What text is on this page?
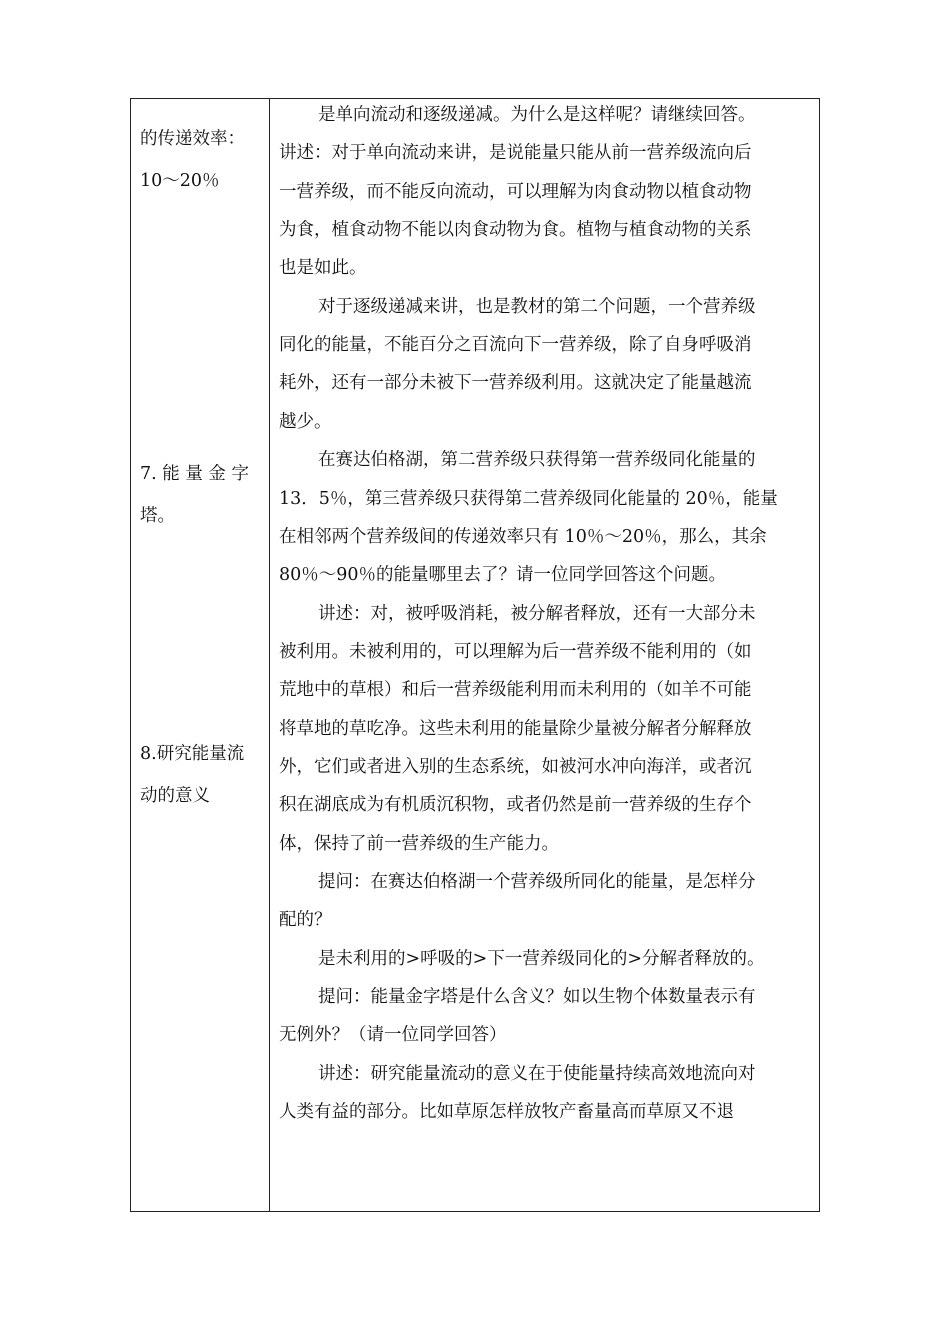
的传递效率：
10～20％
7. 能 量 金 字
塔。
8.研究能量流
动的意义
是单向流动和逐级递减。为什么是这样呢？请继续回答。
讲述：对于单向流动来讲，是说能量只能从前一营养级流向后
一营养级，而不能反向流动，可以理解为肉食动物以植食动物
为食，植食动物不能以肉食动物为食。植物与植食动物的关系
也是如此。
对于逐级递减来讲，也是教材的第二个问题，一个营养级
同化的能量，不能百分之百流向下一营养级，除了自身呼吸消
耗外，还有一部分未被下一营养级利用。这就决定了能量越流
越少。
在赛达伯格湖，第二营养级只获得第一营养级同化能量的
13．5％，第三营养级只获得第二营养级同化能量的 20％，能量
在相邻两个营养级间的传递效率只有 10％～20％，那么，其余
80％～90％的能量哪里去了？请一位同学回答这个问题。
讲述：对，被呼吸消耗，被分解者释放，还有一大部分未
被利用。未被利用的，可以理解为后一营养级不能利用的（如
荒地中的草根）和后一营养级能利用而未利用的（如羊不可能
将草地的草吃净。这些未利用的能量除少量被分解者分解释放
外，它们或者进入别的生态系统，如被河水冲向海洋，或者沉
积在湖底成为有机质沉积物，或者仍然是前一营养级的生存个
体，保持了前一营养级的生产能力。
提问：在赛达伯格湖一个营养级所同化的能量，是怎样分
配的？
是未利用的>呼吸的>下一营养级同化的>分解者释放的。
提问：能量金字塔是什么含义？如以生物个体数量表示有
无例外？（请一位同学回答）
讲述：研究能量流动的意义在于使能量持续高效地流向对
人类有益的部分。比如草原怎样放牧产畜量高而草原又不退
